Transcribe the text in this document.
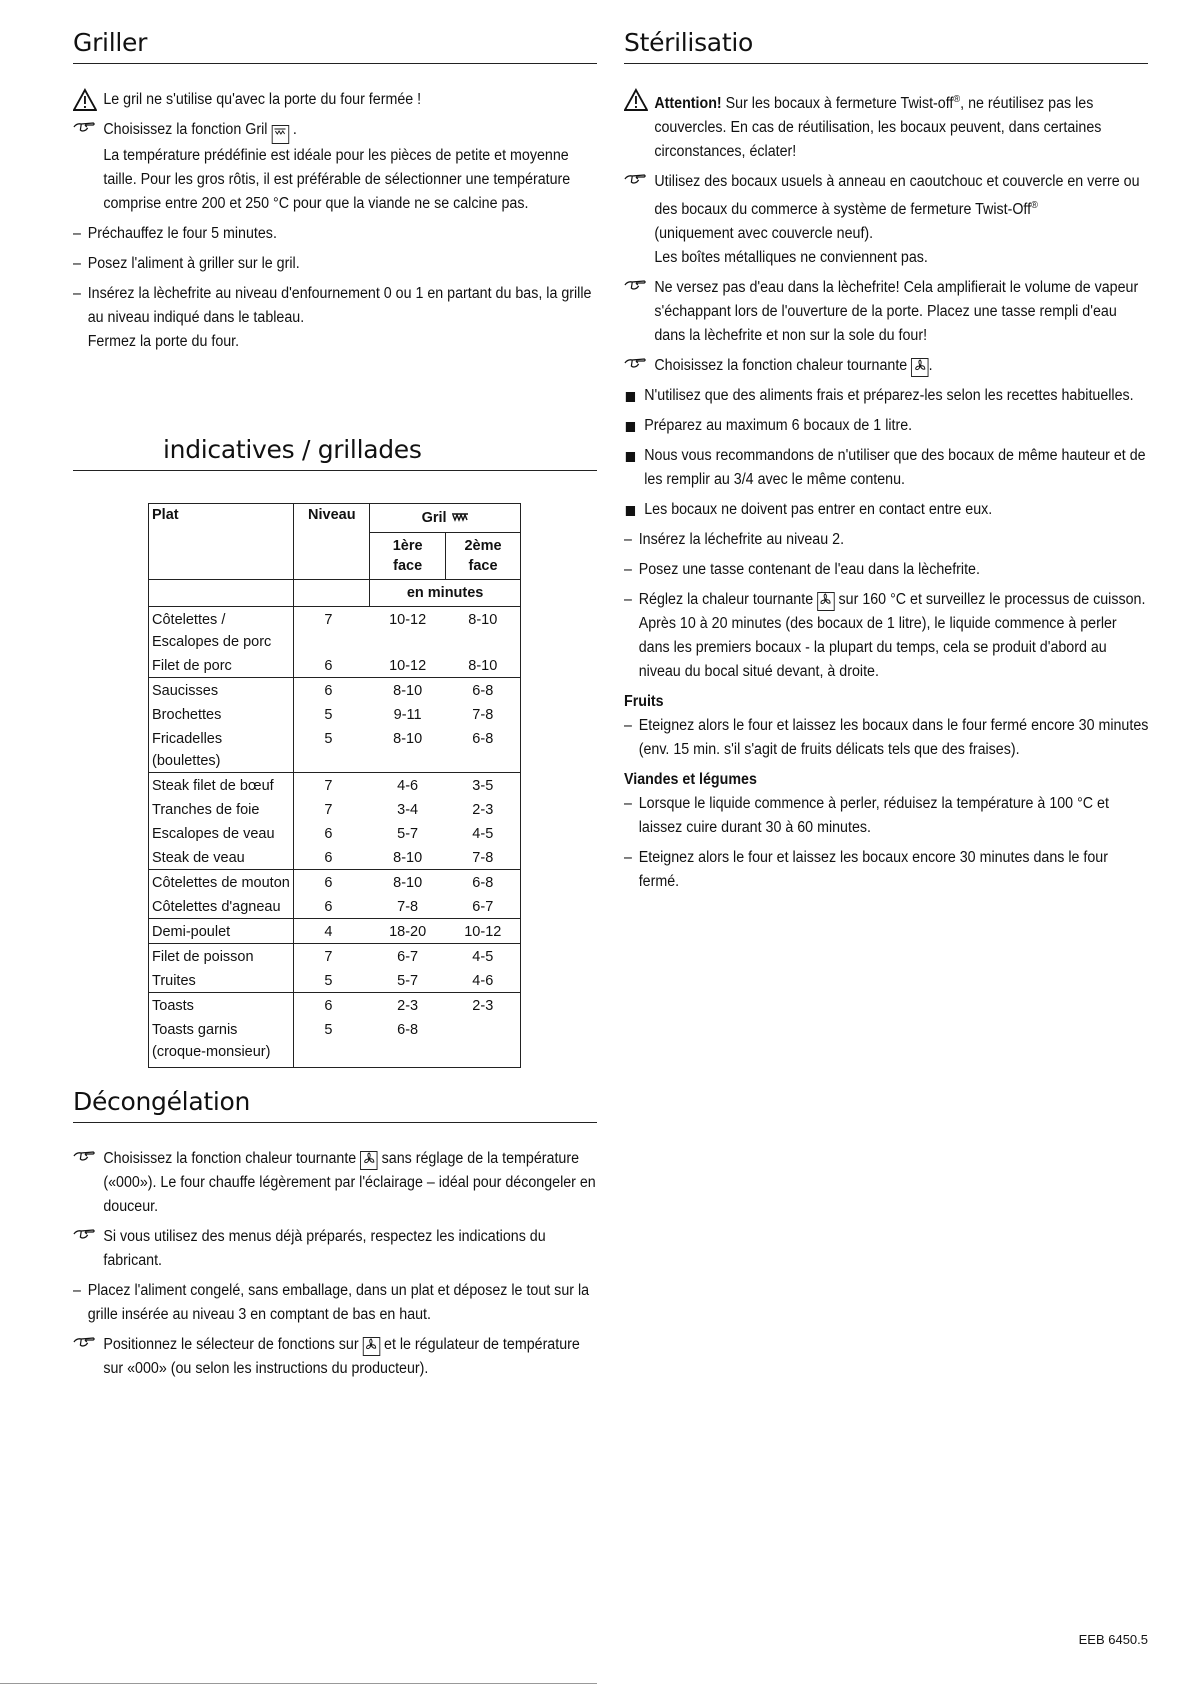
Griller
Le gril ne s'utilise qu'avec la porte du four fermée !
Choisissez la fonction Gril .
La température prédéfinie est idéale pour les pièces de petite et moyenne taille. Pour les gros rôtis, il est préférable de sélectionner une température comprise entre 200 et 250 °C pour que la viande ne se calcine pas.
– Préchauffez le four 5 minutes.
– Posez l'aliment à griller sur le gril.
– Insérez la lèchefrite au niveau d'enfournement 0 ou 1 en partant du bas, la grille au niveau indiqué dans le tableau.
Fermez la porte du four.
indicatives / grillades
Plat	Niveau	Gril	
		1ère face	2ème face
		en minutes	
Côtelettes / Escalopes de porc	7	10-12	8-10
Filet de porc	6	10-12	8-10
Saucisses	6	8-10	6-8
Brochettes	5	9-11	7-8
Fricadelles (boulettes)	5	8-10	6-8
Steak filet de bœuf	7	4-6	3-5
Tranches de foie	7	3-4	2-3
Escalopes de veau	6	5-7	4-5
Steak de veau	6	8-10	7-8
Côtelettes de mouton	6	8-10	6-8
Côtelettes d'agneau	6	7-8	6-7
Demi-poulet	4	18-20	10-12
Filet de poisson	7	6-7	4-5
Truites	5	5-7	4-6
Toasts	6	2-3	2-3
Toasts garnis (croque-monsieur)	5	6-8	

Décongélation
Choisissez la fonction chaleur tournante sans réglage de la température («000»). Le four chauffe légèrement par l'éclairage – idéal pour décongeler en douceur.
Si vous utilisez des menus déjà préparés, respectez les indications du fabricant.
– Placez l'aliment congelé, sans emballage, dans un plat et déposez le tout sur la grille insérée au niveau 3 en comptant de bas en haut.
Positionnez le sélecteur de fonctions sur et le régulateur de température sur «000» (ou selon les instructions du producteur).
Stérilisatio
Attention! Sur les bocaux à fermeture Twist-off®, ne réutilisez pas les couvercles. En cas de réutilisation, les bocaux peuvent, dans certaines circonstances, éclater!
Utilisez des bocaux usuels à anneau en caoutchouc et couvercle en verre ou des bocaux du commerce à système de fermeture Twist-Off®
(uniquement avec couvercle neuf).
Les boîtes métalliques ne conviennent pas.
Ne versez pas d'eau dans la lèchefrite! Cela amplifierait le volume de vapeur s'échappant lors de l'ouverture de la porte. Placez une tasse rempli d'eau dans la lèchefrite et non sur la sole du four!
Choisissez la fonction chaleur tournante .
N'utilisez que des aliments frais et préparez-les selon les recettes habituelles.
Préparez au maximum 6 bocaux de 1 litre.
Nous vous recommandons de n'utiliser que des bocaux de même hauteur et de les remplir au 3/4 avec le même contenu.
Les bocaux ne doivent pas entrer en contact entre eux.
– Insérez la léchefrite au niveau 2.
– Posez une tasse contenant de l'eau dans la lèchefrite.
– Réglez la chaleur tournante sur 160 °C et surveillez le processus de cuisson.
Après 10 à 20 minutes (des bocaux de 1 litre), le liquide commence à perler dans les premiers bocaux - la plupart du temps, cela se produit d'abord au niveau du bocal situé devant, à droite.
Fruits
– Eteignez alors le four et laissez les bocaux dans le four fermé encore 30 minutes (env. 15 min. s'il s'agit de fruits délicats tels que des fraises).
Viandes et légumes
– Lorsque le liquide commence à perler, réduisez la température à 100 °C et laissez cuire durant 30 à 60 minutes.
– Eteignez alors le four et laissez les bocaux encore 30 minutes dans le four fermé.
EEB 6450.5
